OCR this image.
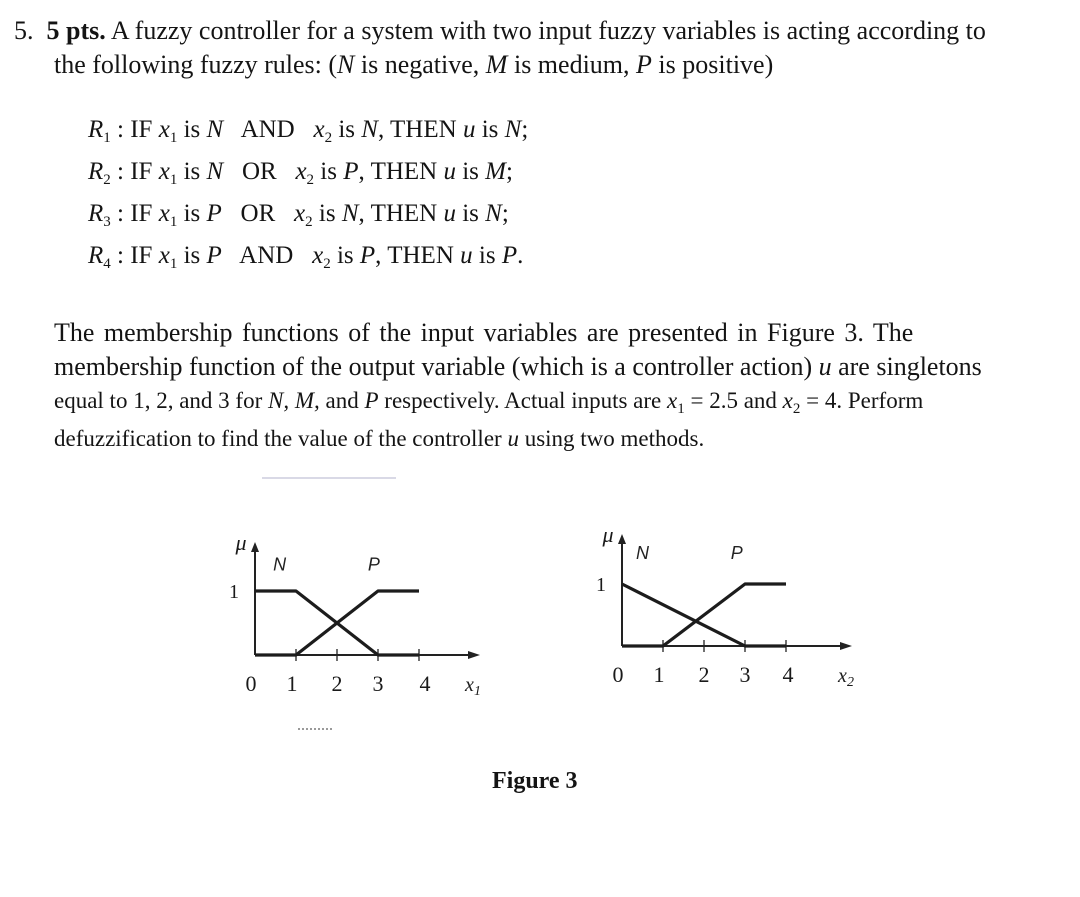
5. 5 pts. A fuzzy controller for a system with two input fuzzy variables is acting according to
the following fuzzy rules: (N is negative, M is medium, P is positive)
$R_1$ : IF $x_1$ is N   AND   $x_2$ is N, THEN u is N;
$R_2$ : IF $x_1$ is N   OR   $x_2$ is P, THEN u is M;
$R_3$ : IF $x_1$ is P   OR   $x_2$ is N, THEN u is N;
$R_4$ : IF $x_1$ is P   AND   $x_2$ is P, THEN u is P.
The membership functions of the input variables are presented in Figure 3. The
membership function of the output variable (which is a controller action) u are singletons
equal to 1, 2, and 3 for N, M, and P respectively. Actual inputs are $x_1 = 2.5$ and $x_2 = 4$. Perform
defuzzification to find the value of the controller u using two methods.
0 1 2 3 4
1
μ
$x_1$
N	P
0 1 2 3 4
1
μ
$x_2$
N	P
Figure 3
